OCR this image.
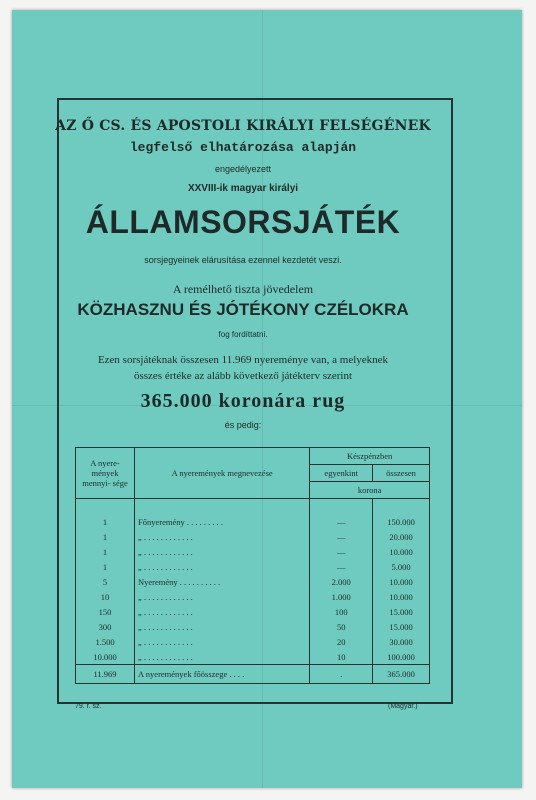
AZ Ő CS. ÉS APOSTOLI KIRÁLYI FELSÉGÉNEK
legfelső elhatározása alapján
engedélyezett
XXVIII-ik magyar királyi
ÁLLAMSORSJÁTÉK
sorsjegyeinek elárusítása ezennel kezdetét veszi.
A remélhető tiszta jövedelem
KÖZHASZNU ÉS JÓTÉKONY CZÉLOKRA
fog fordíttatni.
Ezen sorsjátéknak összesen 11.969 nyereménye van, a melyeknek
összes értéke az alább következő játékterv szerint
365.000 koronára rug
és pedig:
A nyere- mények mennyi- sége	A nyeremények megnevezése	Készpénzben	
		egyenkint	összesen
		korona	

1	Főnyeremény . . . . . . . . .	—	150.000
1	„ . . . . . . . . . . . .	—	20.000
1	„ . . . . . . . . . . . .	—	10.000
1	„ . . . . . . . . . . . .	—	5.000
5	Nyeremény . . . . . . . . . .	2.000	10.000
10	„ . . . . . . . . . . . .	1.000	10.000
150	„ . . . . . . . . . . . .	100	15.000
300	„ . . . . . . . . . . . .	50	15.000
1.500	„ . . . . . . . . . . . .	20	30.000
10.000	„ . . . . . . . . . . . .	10	100.000
11.969	A nyeremények főösszege . . . .	.	365.000
79. r. sz.	(Magyar.)
